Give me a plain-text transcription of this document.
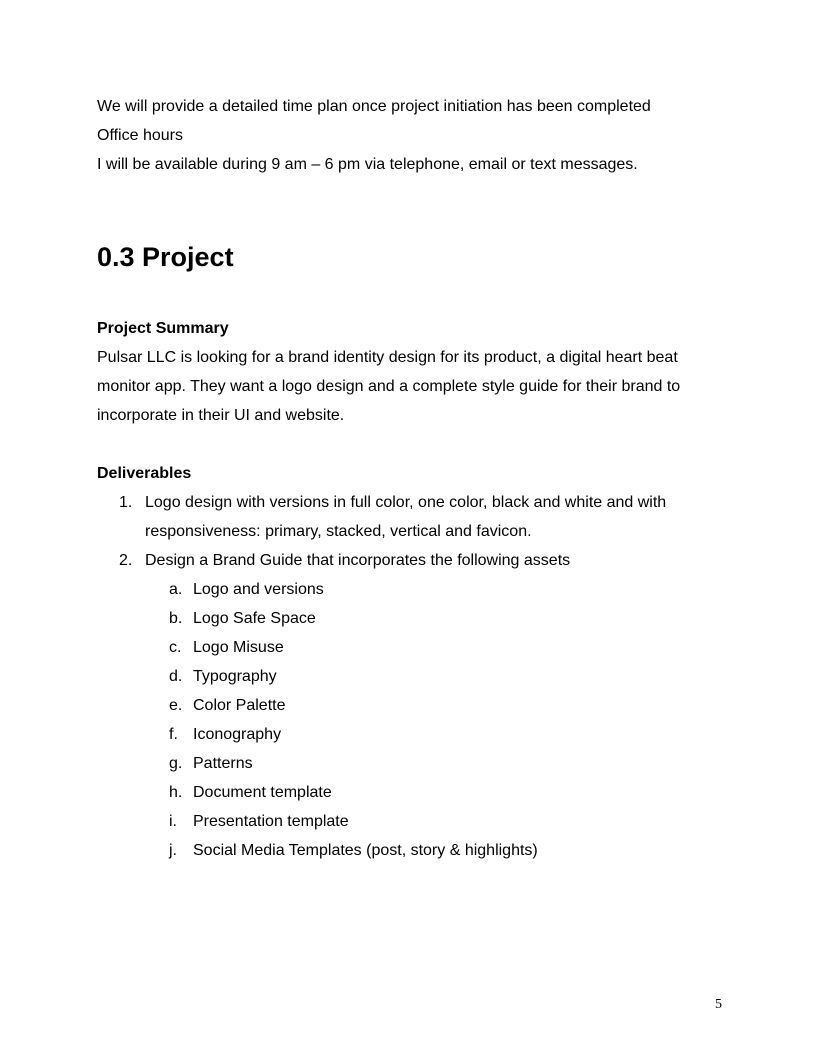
We will provide a detailed time plan once project initiation has been completed
Office hours
I will be available during 9 am – 6 pm via telephone, email or text messages.
0.3 Project
Project Summary
Pulsar LLC is looking for a brand identity design for its product, a digital heart beat
monitor app. They want a logo design and a complete style guide for their brand to
incorporate in their UI and website.
Deliverables
1. Logo design with versions in full color, one color, black and white and with
responsiveness: primary, stacked, vertical and favicon.
2. Design a Brand Guide that incorporates the following assets
a. Logo and versions
b. Logo Safe Space
c. Logo Misuse
d. Typography
e. Color Palette
f. Iconography
g. Patterns
h. Document template
i. Presentation template
j. Social Media Templates (post, story & highlights)
5
